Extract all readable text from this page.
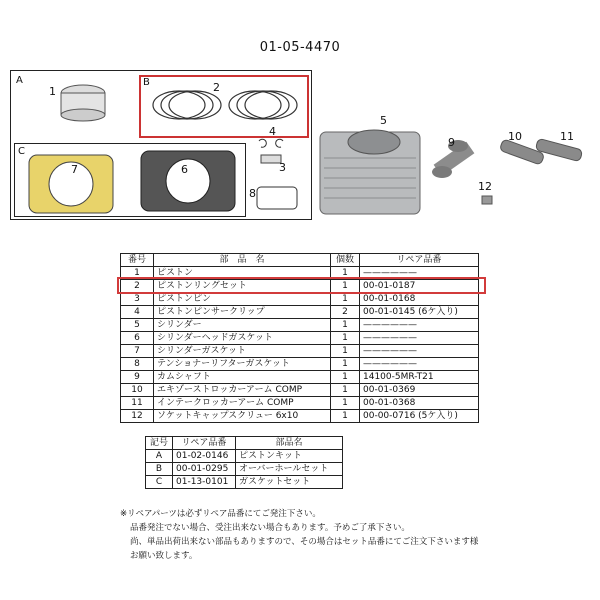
01-05-4470
A	B
C
1	2
3
4
6
7
8
5
9	10	11
12
番号	部　品　名	個数	リペア品番
1	ピストン	1	——————
2	ピストンリングセット	1	00-01-0187
3	ピストンピン	1	00-01-0168
4	ピストンピンサークリップ	2	00-01-0145 (6ケ入り)
5	シリンダー	1	——————
6	シリンダーヘッドガスケット	1	——————
7	シリンダーガスケット	1	——————
8	テンショナーリフターガスケット	1	——————
9	カムシャフト	1	14100-5MR-T21
10	エキゾーストロッカーアーム COMP	1	00-01-0369
11	インテークロッカーアーム COMP	1	00-01-0368
12	ソケットキャップスクリュー 6x10	1	00-00-0716 (5ケ入り)
記号	リペア品番	部品名
A	01-02-0146	ピストンキット
B	00-01-0295	オーバーホールセット
C	01-13-0101	ガスケットセット
※リペアパーツは必ずリペア品番にてご発注下さい。
品番発注でない場合、受注出来ない場合もあります。予めご了承下さい。
尚、単品出荷出来ない部品もありますので、その場合はセット品番にてご注文下さいます様
お願い致します。
